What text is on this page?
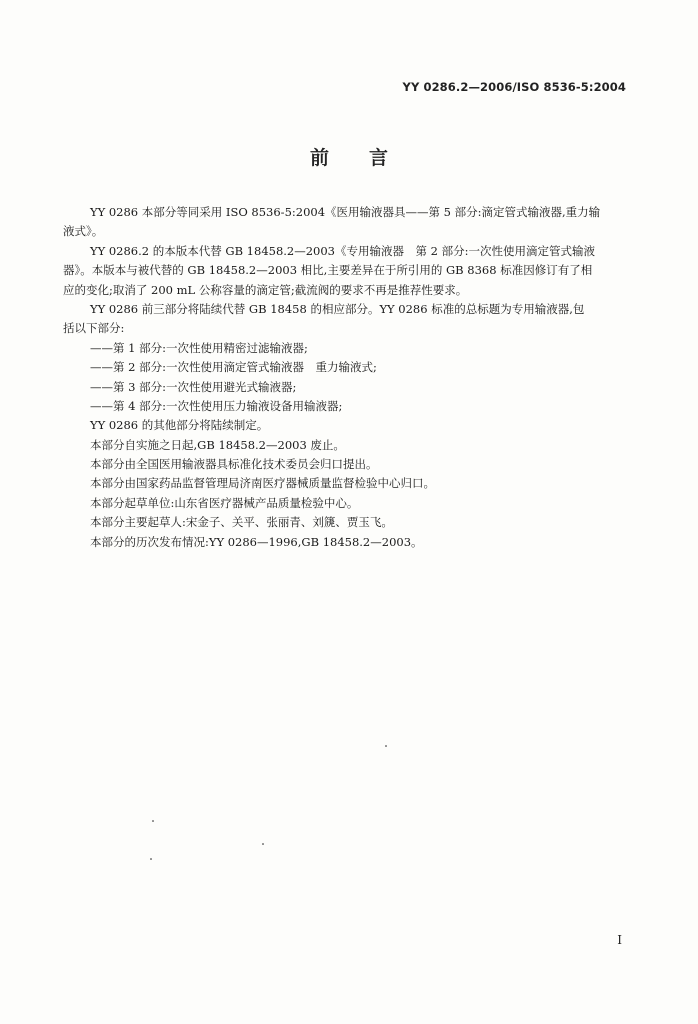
YY 0286.2—2006/ISO 8536-5:2004
前 言
YY 0286 本部分等同采用 ISO 8536-5:2004《医用输液器具——第 5 部分:滴定管式输液器,重力输
液式》。
YY 0286.2 的本版本代替 GB 18458.2—2003《专用输液器　第 2 部分:一次性使用滴定管式输液
器》。本版本与被代替的 GB 18458.2—2003 相比,主要差异在于所引用的 GB 8368 标准因修订有了相
应的变化;取消了 200 mL 公称容量的滴定管;截流阀的要求不再是推荐性要求。
YY 0286 前三部分将陆续代替 GB 18458 的相应部分。YY 0286 标准的总标题为专用输液器,包
括以下部分:
——第 1 部分:一次性使用精密过滤输液器;
——第 2 部分:一次性使用滴定管式输液器　重力输液式;
——第 3 部分:一次性使用避光式输液器;
——第 4 部分:一次性使用压力输液设备用输液器;
YY 0286 的其他部分将陆续制定。
本部分自实施之日起,GB 18458.2—2003 废止。
本部分由全国医用输液器具标准化技术委员会归口提出。
本部分由国家药品监督管理局济南医疗器械质量监督检验中心归口。
本部分起草单位:山东省医疗器械产品质量检验中心。
本部分主要起草人:宋金子、关平、张丽青、刘篪、贾玉飞。
本部分的历次发布情况:YY 0286—1996,GB 18458.2—2003。
I
